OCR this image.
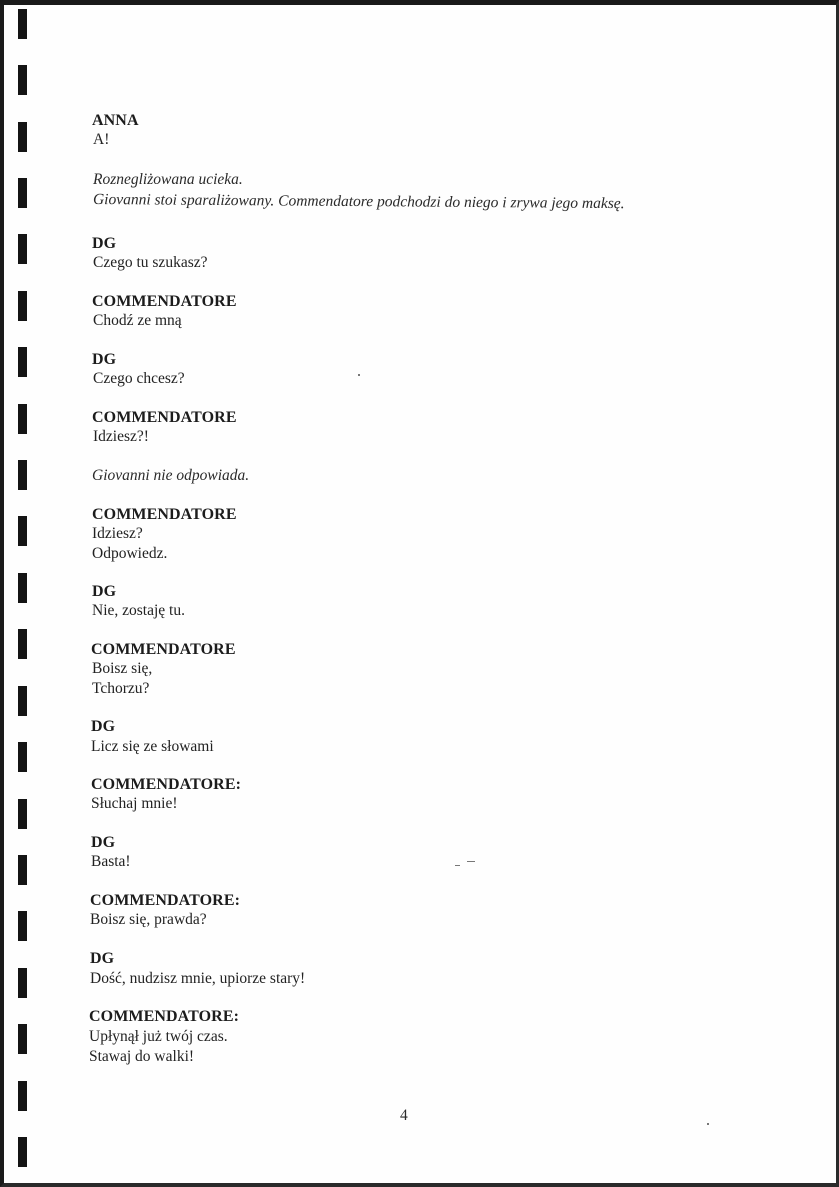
ANNA
A!
Roznegliżowana ucieka.
Giovanni stoi sparaliżowany. Commendatore podchodzi do niego i zrywa jego maksę.
DG
Czego tu szukasz?
COMMENDATORE
Chodź ze mną
DG
Czego chcesz?
COMMENDATORE
Idziesz?!
Giovanni nie odpowiada.
COMMENDATORE
Idziesz?
Odpowiedz.
DG
Nie, zostaję tu.
COMMENDATORE
Boisz się,
Tchorzu?
DG
Licz się ze słowami
COMMENDATORE:
Słuchaj mnie!
DG
Basta!
COMMENDATORE:
Boisz się, prawda?
DG
Dość, nudzisz mnie, upiorze stary!
COMMENDATORE:
Upłynął już twój czas.
Stawaj do walki!
4
